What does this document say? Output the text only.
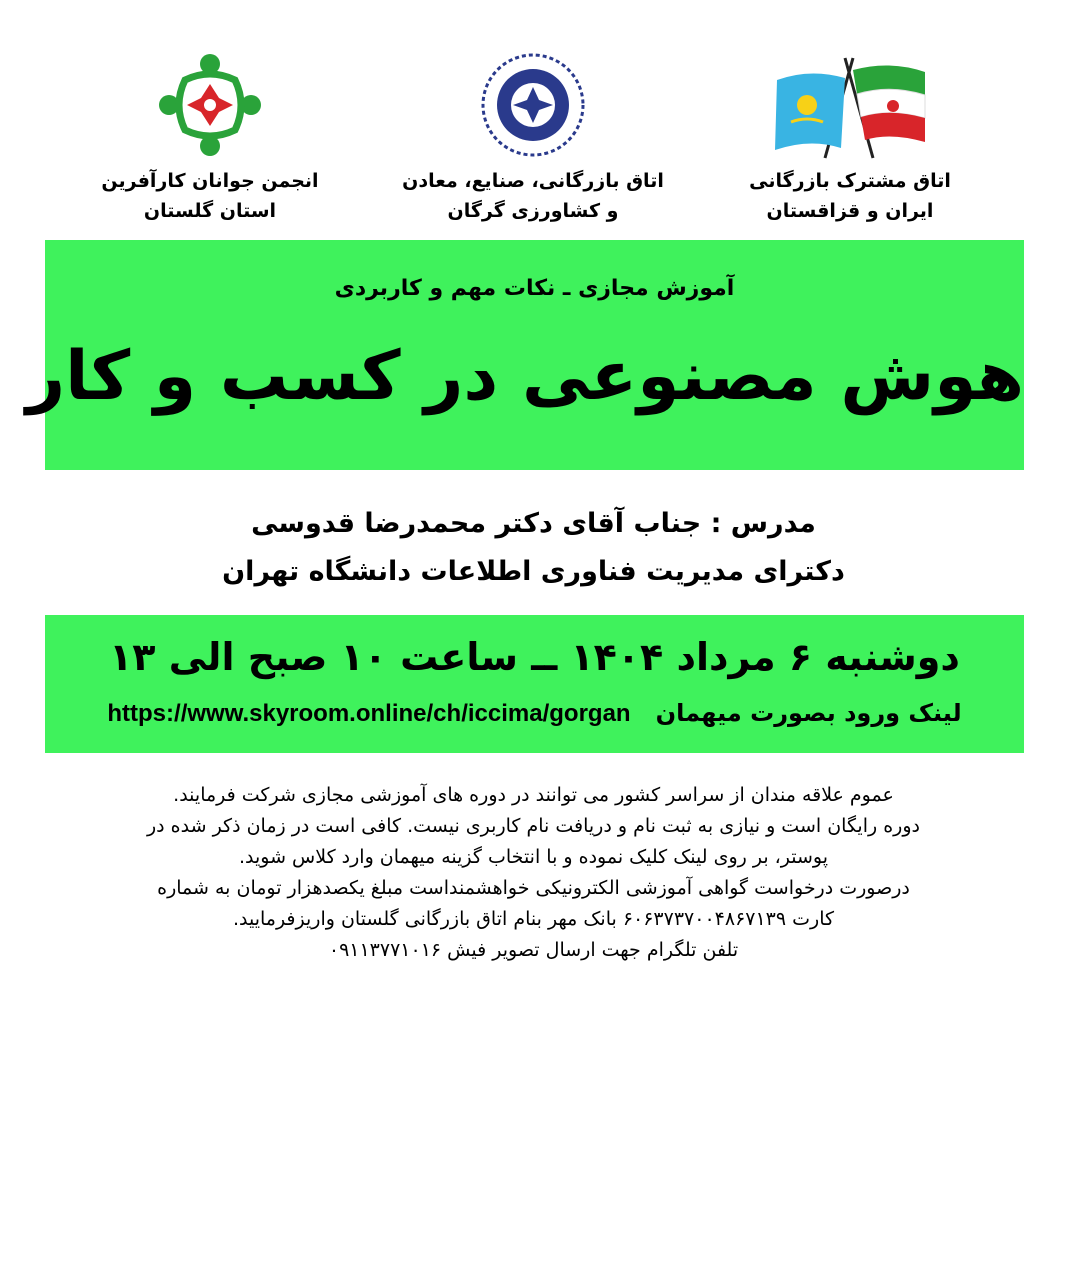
اتاق مشترک بازرگانی
ایران و قزاقستان
اتاق بازرگانی، صنایع، معادن
و کشاورزی گرگان
انجمن جوانان کارآفرین
استان گلستان
آموزش مجازی ـ نکات مهم و کاربردی
هوش مصنوعی در کسب و کار
مدرس : جناب آقای دکتر محمدرضا قدوسی
دکترای مدیریت فناوری اطلاعات دانشگاه تهران
دوشنبه ۶ مرداد ۱۴۰۴ ــ ساعت ۱۰ صبح الی ۱۳
لینک ورود بصورت میهمان   https://www.skyroom.online/ch/iccima/gorgan
عموم علاقه مندان از سراسر کشور می توانند در دوره های آموزشی مجازی شرکت فرمایند.
دوره رایگان است و نیازی به ثبت نام و دریافت نام کاربری نیست. کافی است در زمان ذکر شده در
پوستر، بر روی لینک کلیک نموده و با انتخاب گزینه میهمان وارد کلاس شوید.
درصورت درخواست گواهی آموزشی الکترونیکی خواهشمنداست مبلغ یکصدهزار تومان به شماره
کارت ۶۰۶۳۷۳۷۰۰۴۸۶۷۱۳۹ بانک مهر بنام اتاق بازرگانی گلستان واریزفرمایید.
تلفن تلگرام جهت ارسال تصویر فیش ۰۹۱۱۳۷۷۱۰۱۶
